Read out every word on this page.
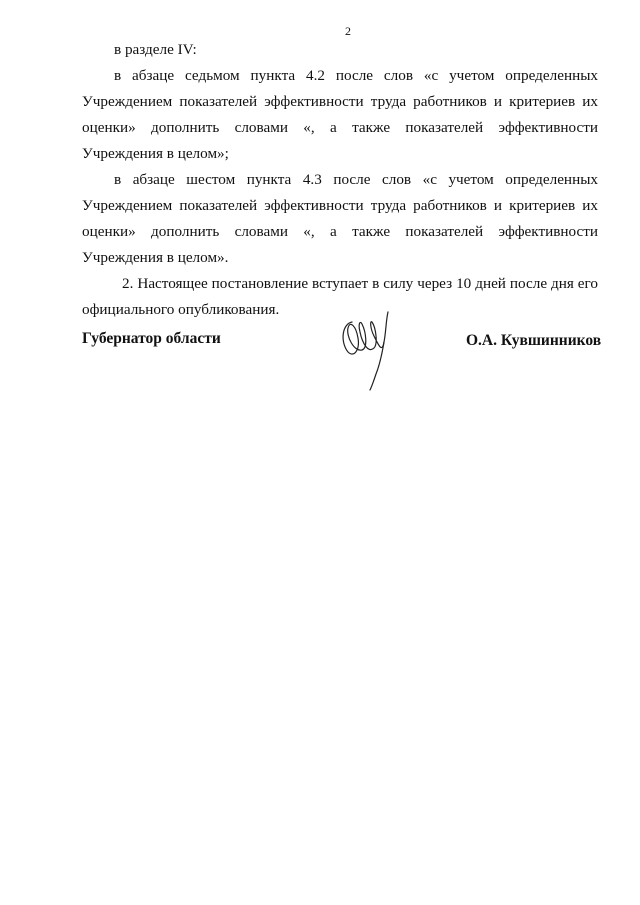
2

в разделе IV:

в абзаце седьмом пункта 4.2 после слов «с учетом определенных Учреждением показателей эффективности труда работников и критериев их оценки» дополнить словами «, а также показателей эффективности Учреждения в целом»;

в абзаце шестом пункта 4.3 после слов «с учетом определенных Учреждением показателей эффективности труда работников и критериев их оценки» дополнить словами «, а также показателей эффективности Учреждения в целом».

2. Настоящее постановление вступает в силу через 10 дней после дня его официального опубликования.

Губернатор области	О.А. Кувшинников
